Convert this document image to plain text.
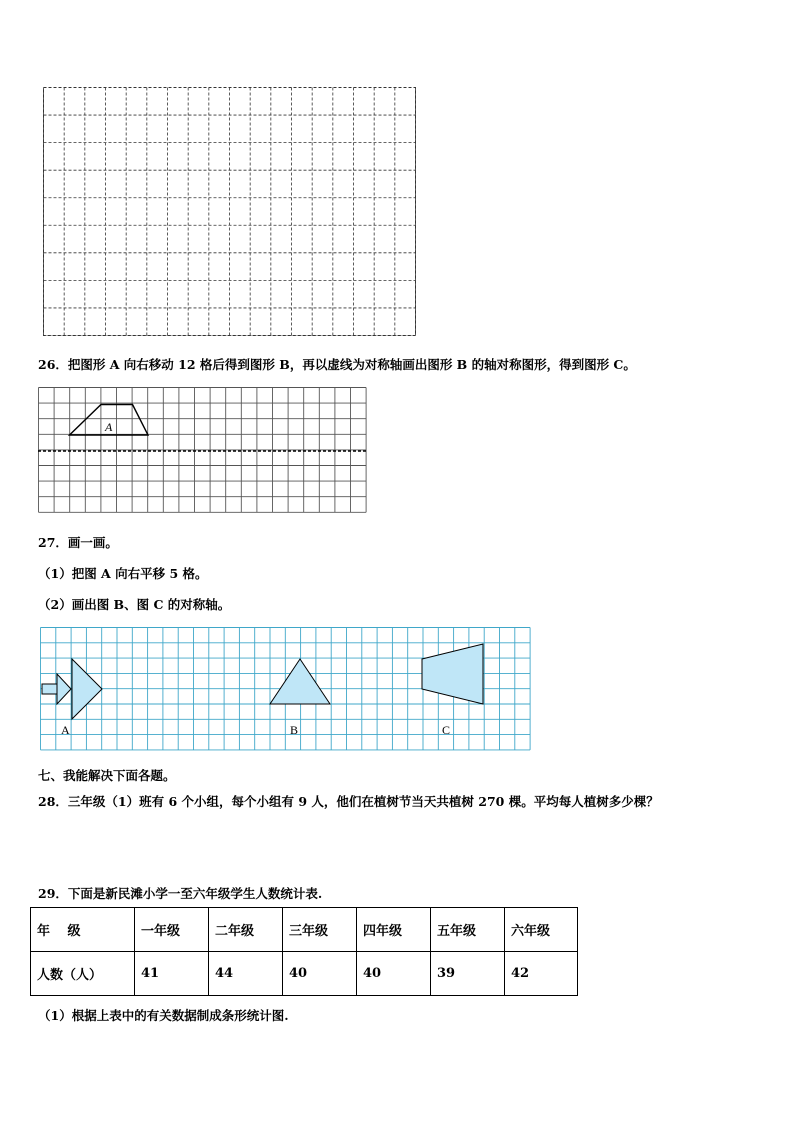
26．把图形 A 向右移动 12 格后得到图形 B，再以虚线为对称轴画出图形 B 的轴对称图形，得到图形 C。
A
27．画一画。
（1）把图 A 向右平移 5 格。
（2）画出图 B、图 C 的对称轴。
A	B	C
七、我能解决下面各题。
28．三年级（1）班有 6 个小组，每个小组有 9 人，他们在植树节当天共植树 270 棵。平均每人植树多少棵？
29．下面是新民滩小学一至六年级学生人数统计表.
年　 级	一年级	二年级	三年级	四年级	五年级	六年级
人数（人）	41	44	40	40	39	42
（1）根据上表中的有关数据制成条形统计图.
